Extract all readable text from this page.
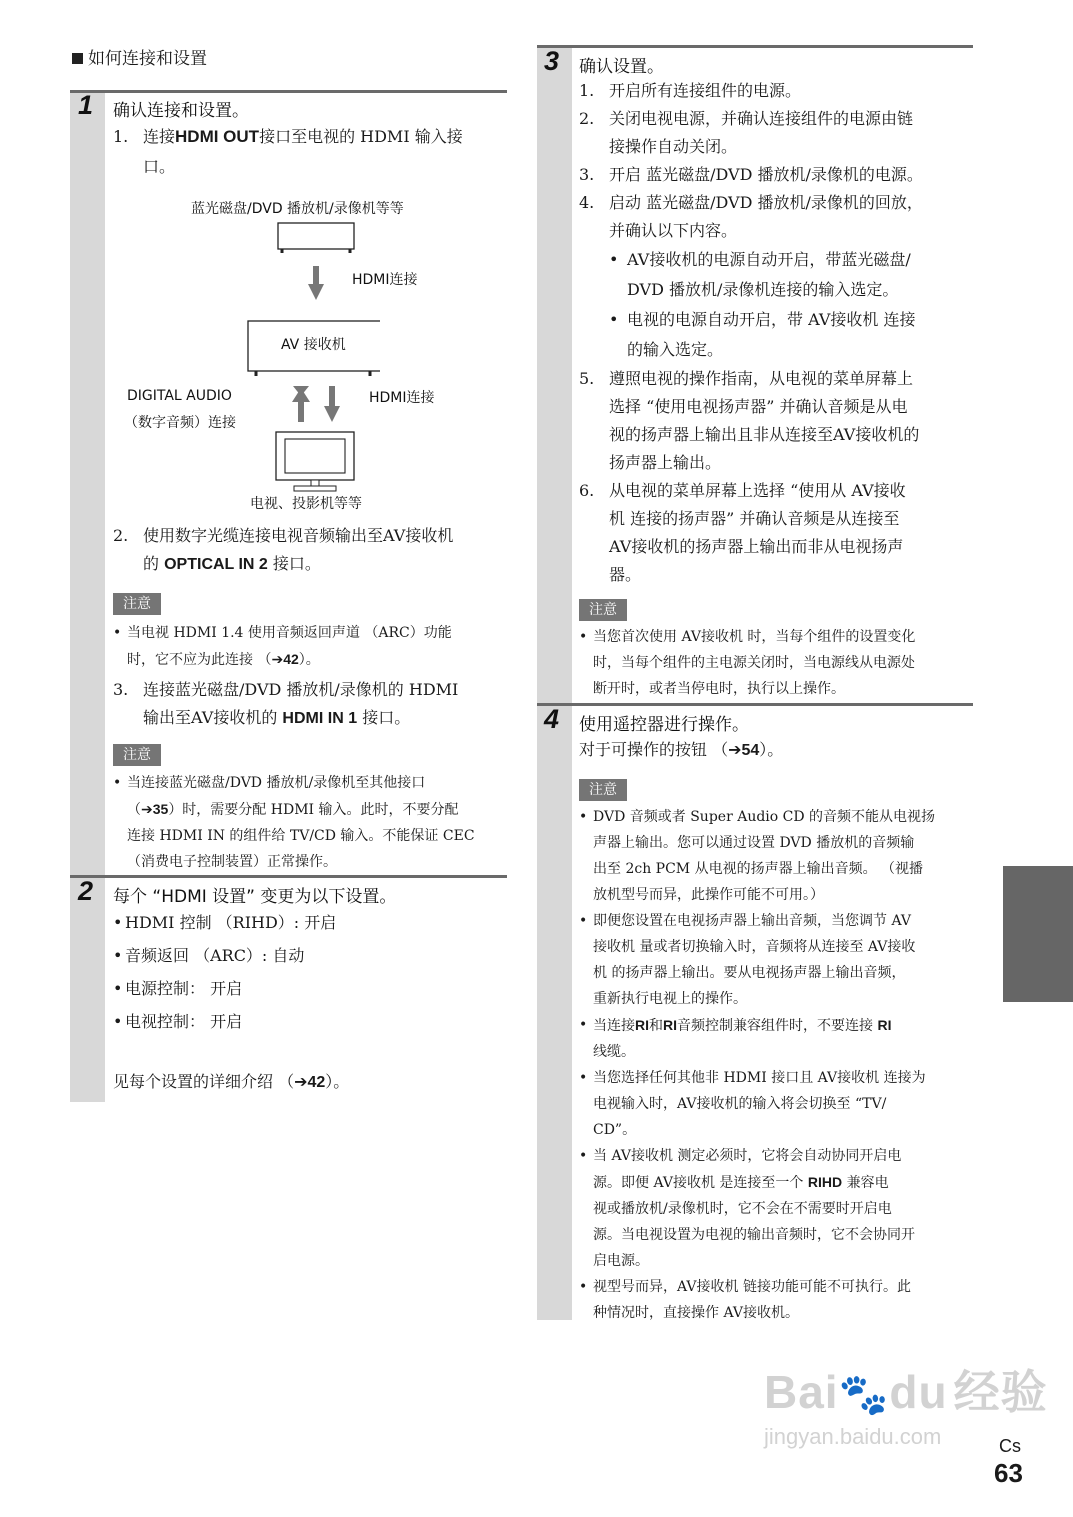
如何连接和设置
1 确认连接和设置。
1. 连接HDMI OUT接口至电视的 HDMI 输入接
口。
蓝光磁盘/DVD 播放机/录像机等等
HDMI连接
AV 接收机
DIGITAL AUDIO
（数字音频）连接
HDMI连接
电视、投影机等等
2. 使用数字光缆连接电视音频输出至AV接收机
的 OPTICAL IN 2 接口。
注意
• 当电视 HDMI 1.4 使用音频返回声道 （ARC）功能
时，它不应为此连接 （➔42）。
3. 连接蓝光磁盘/DVD 播放机/录像机的 HDMI
输出至AV接收机的 HDMI IN 1 接口。
注意
• 当连接蓝光磁盘/DVD 播放机/录像机至其他接口
（➔35）时，需要分配 HDMI 输入。此时，不要分配
连接 HDMI IN 的组件给 TV/CD 输入。不能保证 CEC
（消费电子控制装置）正常操作。
2 每个 “HDMI 设置” 变更为以下设置。
• HDMI 控制 （RIHD）: 开启
• 音频返回 （ARC）: 自动
• 电源控制： 开启
• 电视控制： 开启
见每个设置的详细介绍 （➔42）。
3 确认设置。
1. 开启所有连接组件的电源。
2. 关闭电视电源，并确认连接组件的电源由链
接操作自动关闭。
3. 开启 蓝光磁盘/DVD 播放机/录像机的电源。
4. 启动 蓝光磁盘/DVD 播放机/录像机的回放，
并确认以下内容。
• AV接收机的电源自动开启，带蓝光磁盘/
DVD 播放机/录像机连接的输入选定。
• 电视的电源自动开启，带 AV接收机 连接
的输入选定。
5. 遵照电视的操作指南，从电视的菜单屏幕上
选择 “使用电视扬声器” 并确认音频是从电
视的扬声器上输出且非从连接至AV接收机的
扬声器上输出。
6. 从电视的菜单屏幕上选择 “使用从 AV接收
机 连接的扬声器” 并确认音频是从连接至
AV接收机的扬声器上输出而非从电视扬声
器。
注意
• 当您首次使用 AV接收机 时，当每个组件的设置变化
时，当每个组件的主电源关闭时，当电源线从电源处
断开时，或者当停电时，执行以上操作。
4 使用遥控器进行操作。
对于可操作的按钮 （➔54）。
注意
• DVD 音频或者 Super Audio CD 的音频不能从电视扬
声器上输出。您可以通过设置 DVD 播放机的音频输
出至 2ch PCM 从电视的扬声器上输出音频。 （视播
放机型号而异，此操作可能不可用。）
• 即便您设置在电视扬声器上输出音频，当您调节 AV
接收机 量或者切换输入时，音频将从连接至 AV接收
机 的扬声器上输出。要从电视扬声器上输出音频，
重新执行电视上的操作。
• 当连接RI和RI音频控制兼容组件时，不要连接 RI
线缆。
• 当您选择任何其他非 HDMI 接口且 AV接收机 连接为
电视输入时，AV接收机的输入将会切换至 “TV/
CD”。
• 当 AV接收机 测定必须时，它将会自动协同开启电
源。即便 AV接收机 是连接至一个 RIHD 兼容电
视或播放机/录像机时，它不会在不需要时开启电
源。当电视设置为电视的输出音频时，它不会协同开
启电源。
• 视型号而异，AV接收机 链接功能可能不可执行。此
种情况时，直接操作 AV接收机。
Bai🐾du 经验
jingyan.baidu.com	Cs
63
